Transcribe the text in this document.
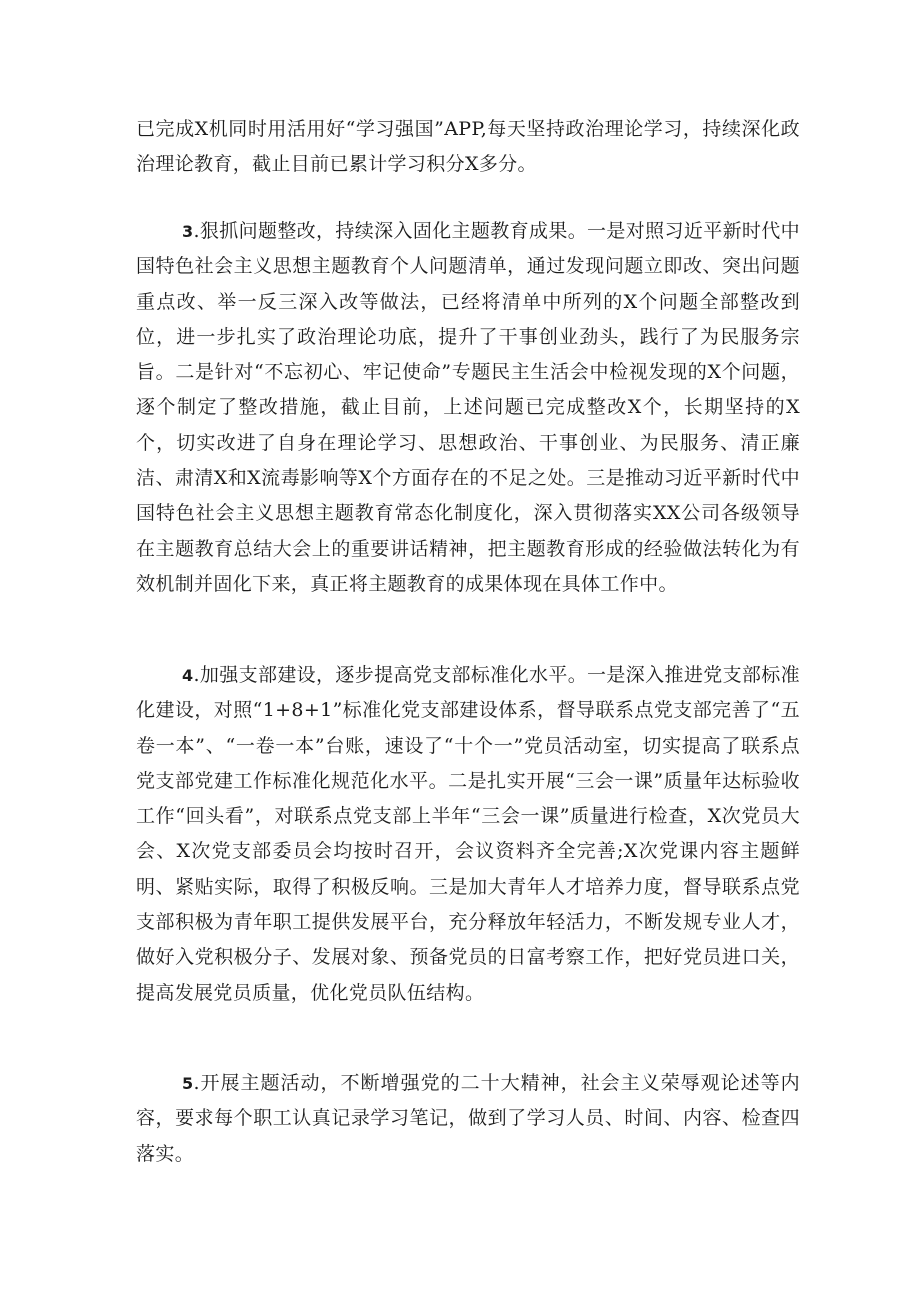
已完成X机同时用活用好“学习强国”APP,每天坚持政治理论学习，持续深化政治理论教育，截止目前已累计学习积分X多分。

3.狠抓问题整改，持续深入固化主题教育成果。一是对照习近平新时代中国特色社会主义思想主题教育个人问题清单，通过发现问题立即改、突出问题重点改、举一反三深入改等做法，已经将清单中所列的X个问题全部整改到位，进一步扎实了政治理论功底，提升了干事创业劲头，践行了为民服务宗旨。二是针对“不忘初心、牢记使命”专题民主生活会中检视发现的X个问题，逐个制定了整改措施，截止目前，上述问题已完成整改X个，长期坚持的X个，切实改进了自身在理论学习、思想政治、干事创业、为民服务、清正廉洁、肃清X和X流毒影响等X个方面存在的不足之处。三是推动习近平新时代中国特色社会主义思想主题教育常态化制度化，深入贯彻落实XX公司各级领导在主题教育总结大会上的重要讲话精神，把主题教育形成的经验做法转化为有效机制并固化下来，真正将主题教育的成果体现在具体工作中。

4.加强支部建设，逐步提高党支部标准化水平。一是深入推进党支部标准化建设，对照“1+8+1”标准化党支部建设体系，督导联系点党支部完善了“五卷一本”、“一卷一本”台账，速设了“十个一”党员活动室，切实提高了联系点党支部党建工作标准化规范化水平。二是扎实开展“三会一课”质量年达标验收工作“回头看”，对联系点党支部上半年“三会一课”质量进行检查，X次党员大会、X次党支部委员会均按时召开，会议资料齐全完善;X次党课内容主题鲜明、紧贴实际，取得了积极反响。三是加大青年人才培养力度，督导联系点党支部积极为青年职工提供发展平台，充分释放年轻活力，不断发规专业人才，做好入党积极分子、发展对象、预备党员的日富考察工作，把好党员进口关，提高发展党员质量，优化党员队伍结构。

5.开展主题活动，不断增强党的二十大精神，社会主义荣辱观论述等内容，要求每个职工认真记录学习笔记，做到了学习人员、时间、内容、检查四落实。
